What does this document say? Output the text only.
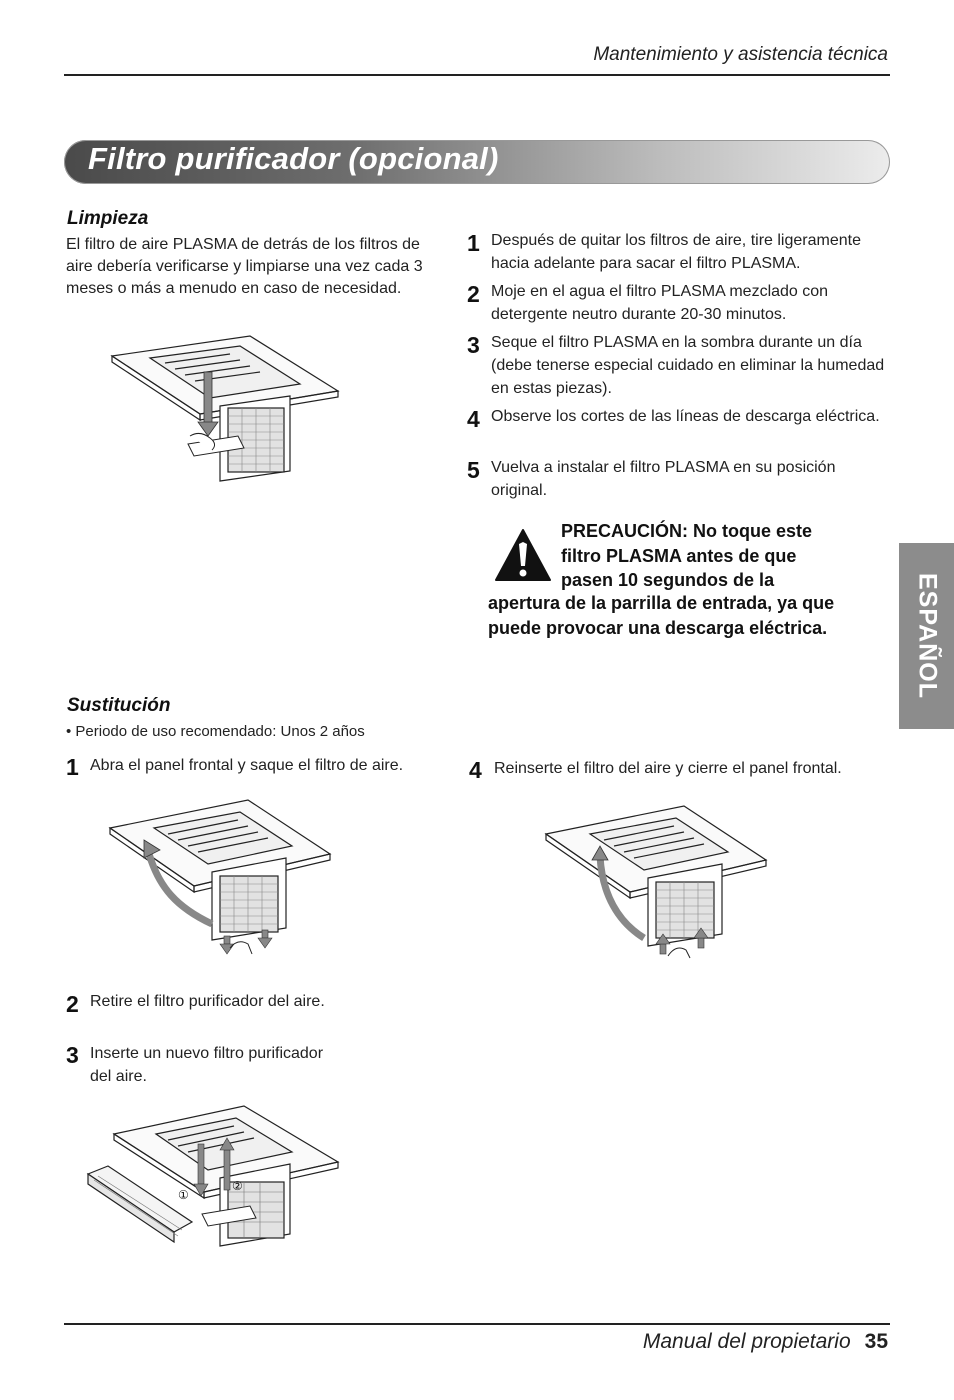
Mantenimiento y asistencia técnica
Filtro purificador (opcional)
ESPAÑOL
Limpieza
El filtro de aire PLASMA de detrás de los filtros de
aire debería verificarse y limpiarse una vez cada 3
meses o más a menudo en caso de necesidad.
1 Después de quitar los filtros de aire, tire ligeramente
hacia adelante para sacar el filtro PLASMA.
2 Moje en el agua el filtro PLASMA mezclado con
detergente neutro durante 20-30 minutos.
3 Seque el filtro PLASMA en la sombra durante un día
(debe tenerse especial cuidado en eliminar la humedad
en estas piezas).
4 Observe los cortes de las líneas de descarga eléctrica.
5 Vuelva a instalar el filtro PLASMA en su posición
original.
PRECAUCIÓN: No toque este
filtro PLASMA antes de que
pasen 10 segundos de la
apertura de la parrilla de entrada, ya que
puede provocar una descarga eléctrica.
Sustitución
• Periodo de uso recomendado: Unos 2 años
1 Abra el panel frontal y saque el filtro de aire.
2 Retire el filtro purificador del aire.
3 Inserte un nuevo filtro purificador
del aire.
①
②
4 Reinserte el filtro del aire y cierre el panel frontal.
Manual del propietario 35
